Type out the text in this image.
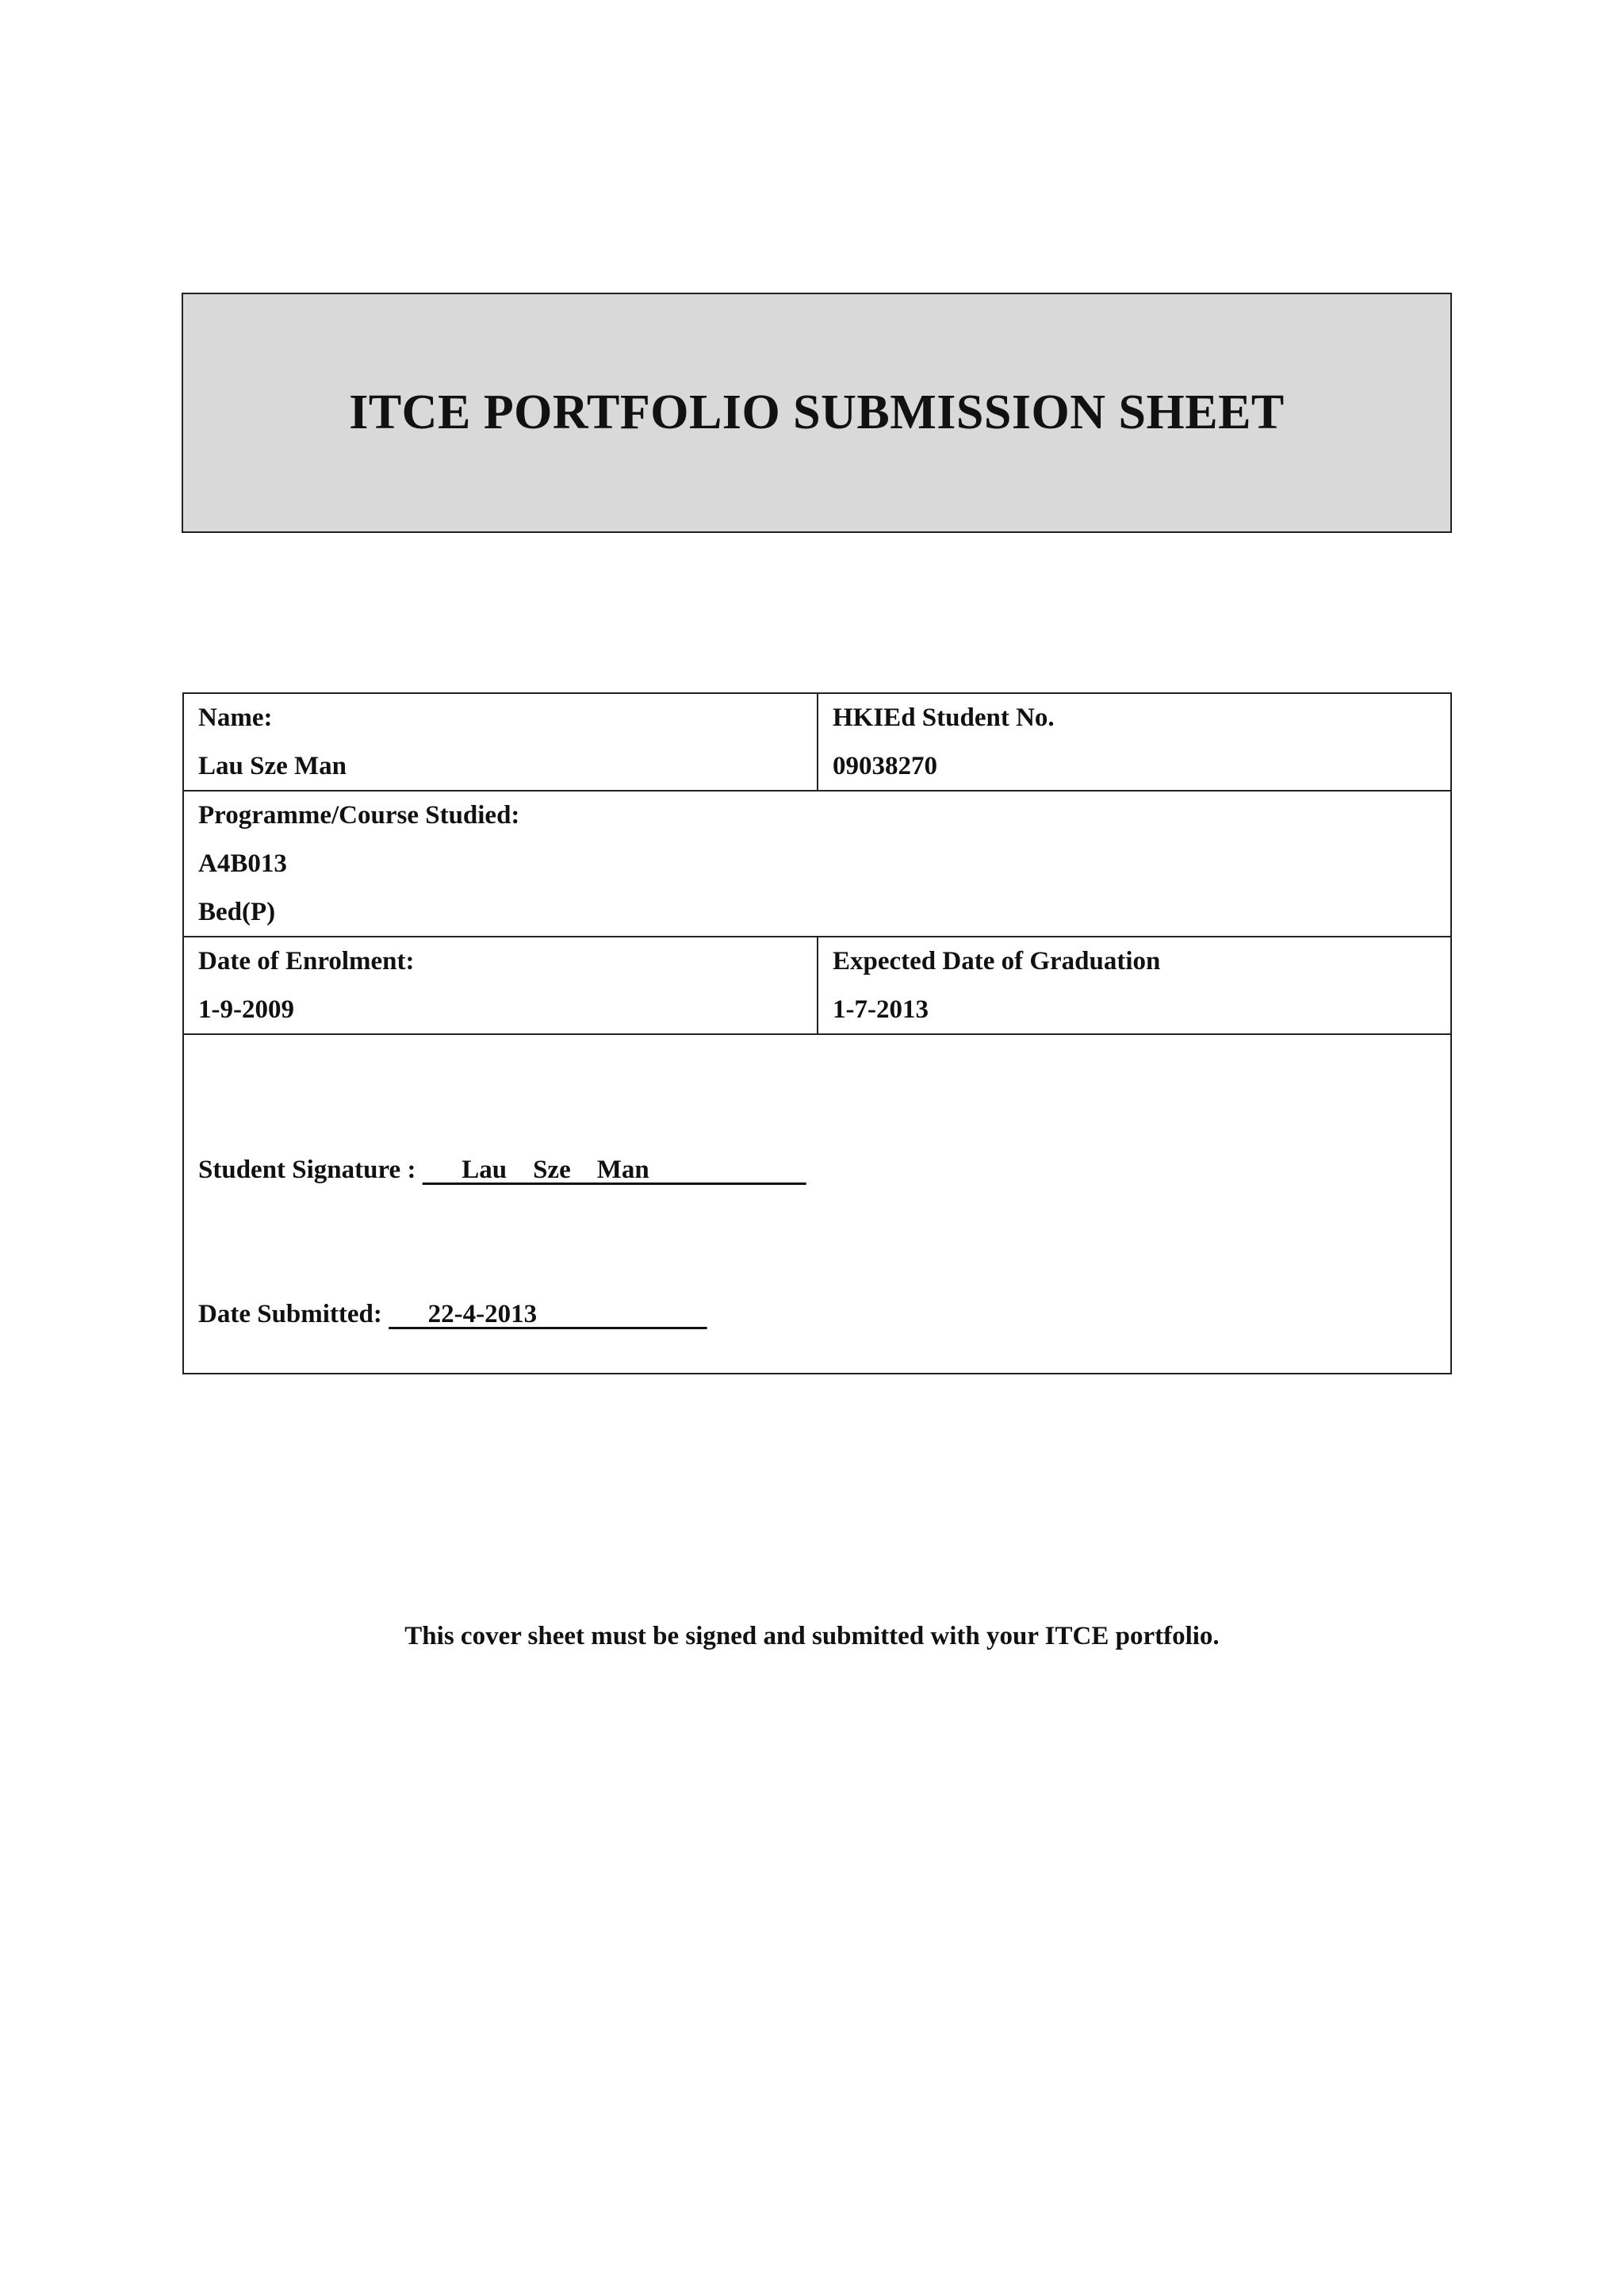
ITCE PORTFOLIO SUBMISSION SHEET
Name:
Lau Sze Man
HKIEd Student No.
09038270
Programme/Course Studied:
A4B013
Bed(P)
Date of Enrolment:
1-9-2009
Expected Date of Graduation
1-7-2013
Student Signature :       Lau    Sze    Man
Date Submitted:       22-4-2013
This cover sheet must be signed and submitted with your ITCE portfolio.
